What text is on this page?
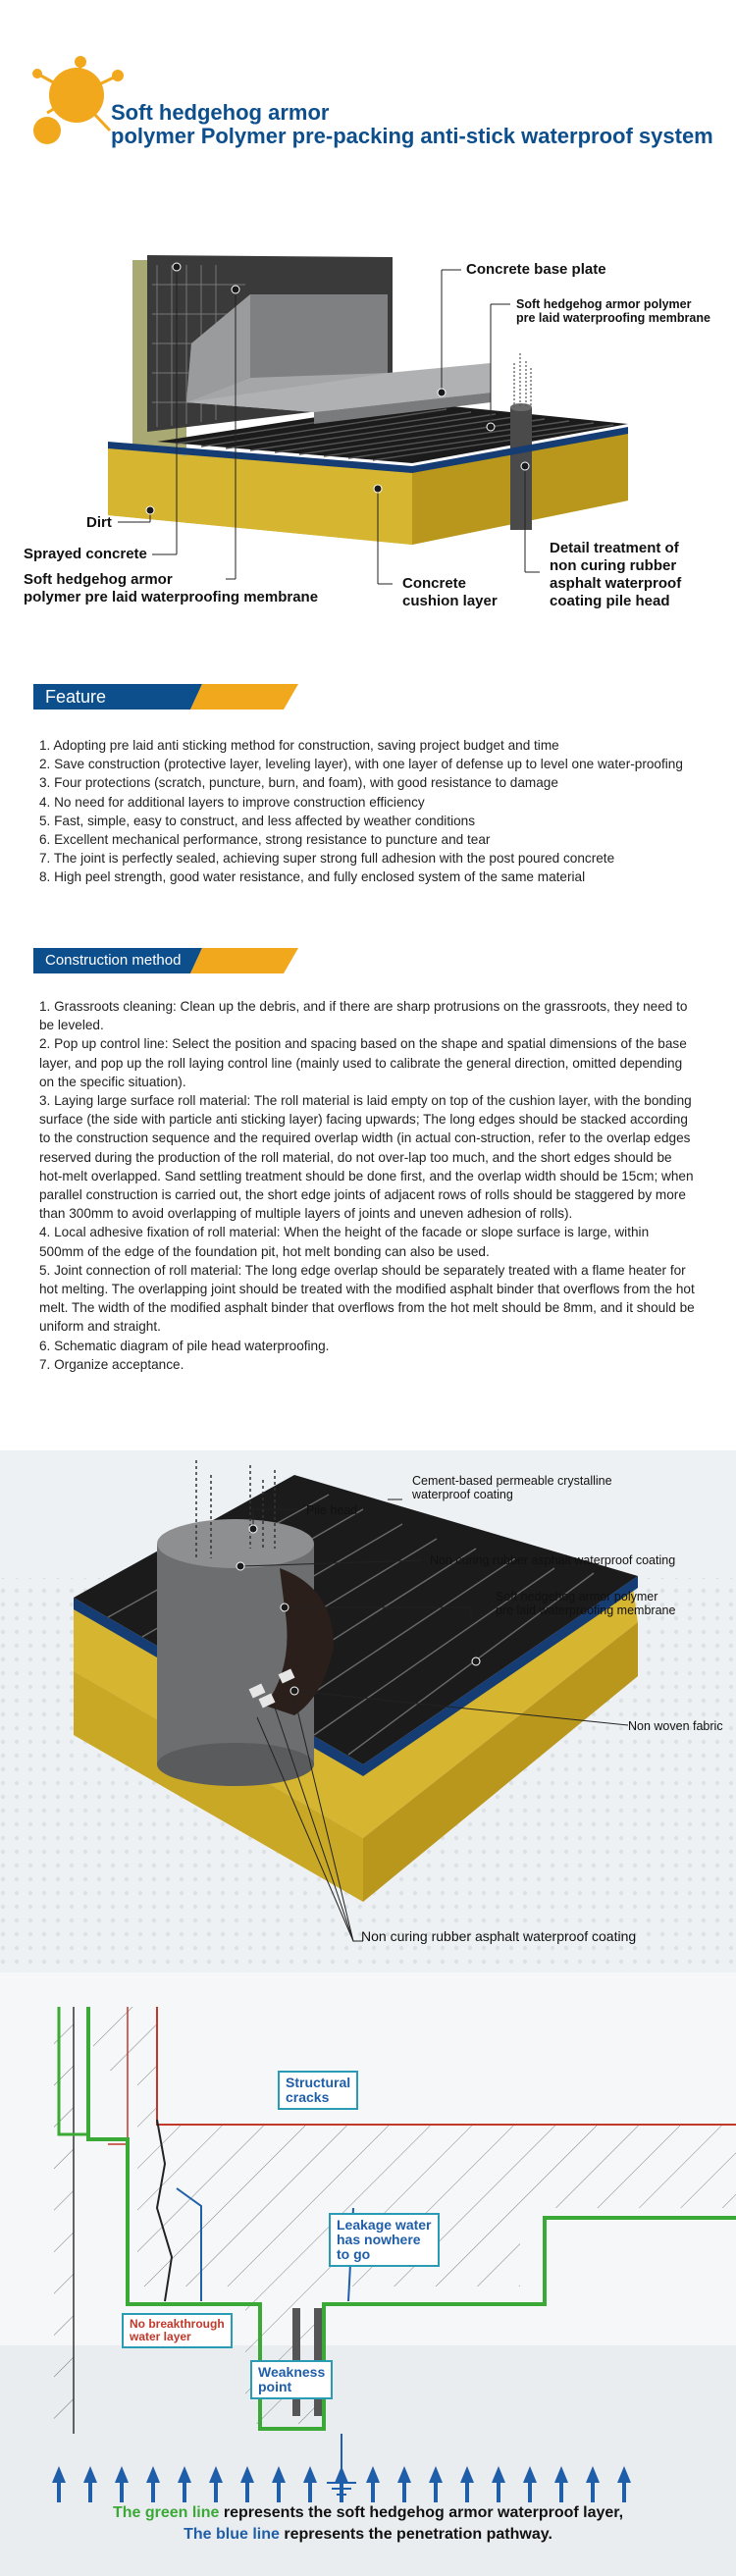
Soft hedgehog armor
polymer Polymer pre-packing anti-stick waterproof system
Concrete base plate
Soft hedgehog armor polymer
pre laid waterproofing membrane
Dirt
Sprayed concrete
Soft hedgehog armor
polymer pre laid waterproofing membrane
Concrete
cushion layer
Detail treatment of
non curing rubber
asphalt waterproof
coating pile head
Feature
1. Adopting pre laid anti sticking method for construction, saving project budget and time
2. Save construction (protective layer, leveling layer), with one layer of defense up to level one water-proofing
3. Four protections (scratch, puncture, burn, and foam), with good resistance to damage
4. No need for additional layers to improve construction efficiency
5. Fast, simple, easy to construct, and less affected by weather conditions
6. Excellent mechanical performance, strong resistance to puncture and tear
7. The joint is perfectly sealed, achieving super strong full adhesion with the post poured concrete
8. High peel strength, good water resistance, and fully enclosed system of the same material
Construction method
1. Grassroots cleaning: Clean up the debris, and if there are sharp protrusions on the grassroots, they need to be leveled.
2. Pop up control line: Select the position and spacing based on the shape and spatial dimensions of the base layer, and pop up the roll laying control line (mainly used to calibrate the general direction, omitted depending on the specific situation).
3. Laying large surface roll material: The roll material is laid empty on top of the cushion layer, with the bonding surface (the side with particle anti sticking layer) facing upwards; The long edges should be stacked according to the construction sequence and the required overlap width (in actual con-struction, refer to the overlap edges reserved during the production of the roll material, do not over-lap too much, and the short edges should be hot-melt overlapped. Sand settling treatment should be done first, and the overlap width should be 15cm; when parallel construction is carried out, the short edge joints of adjacent rows of rolls should be staggered by more than 300mm to avoid overlapping of multiple layers of joints and uneven adhesion of rolls).
4. Local adhesive fixation of roll material: When the height of the facade or slope surface is large, within 500mm of the edge of the foundation pit, hot melt bonding can also be used.
5. Joint connection of roll material: The long edge overlap should be separately treated with a flame heater for hot melting. The overlapping joint should be treated with the modified asphalt binder that overflows from the hot melt. The width of the modified asphalt binder that overflows from the hot melt should be 8mm, and it should be uniform and straight.
6. Schematic diagram of pile head waterproofing.
7. Organize acceptance.
Cement-based permeable crystalline
waterproof coating
Pile head
Non curing rubber asphalt waterproof coating
Soft hedgehog armor polymer
pre laid waterproofing membrane
Non woven fabric
Non curing rubber asphalt waterproof coating
Structural
cracks
Leakage water
has nowhere
to go
No breakthrough
water layer
Weakness
point
The green line represents the soft hedgehog armor waterproof layer,
The blue line represents the penetration pathway.
